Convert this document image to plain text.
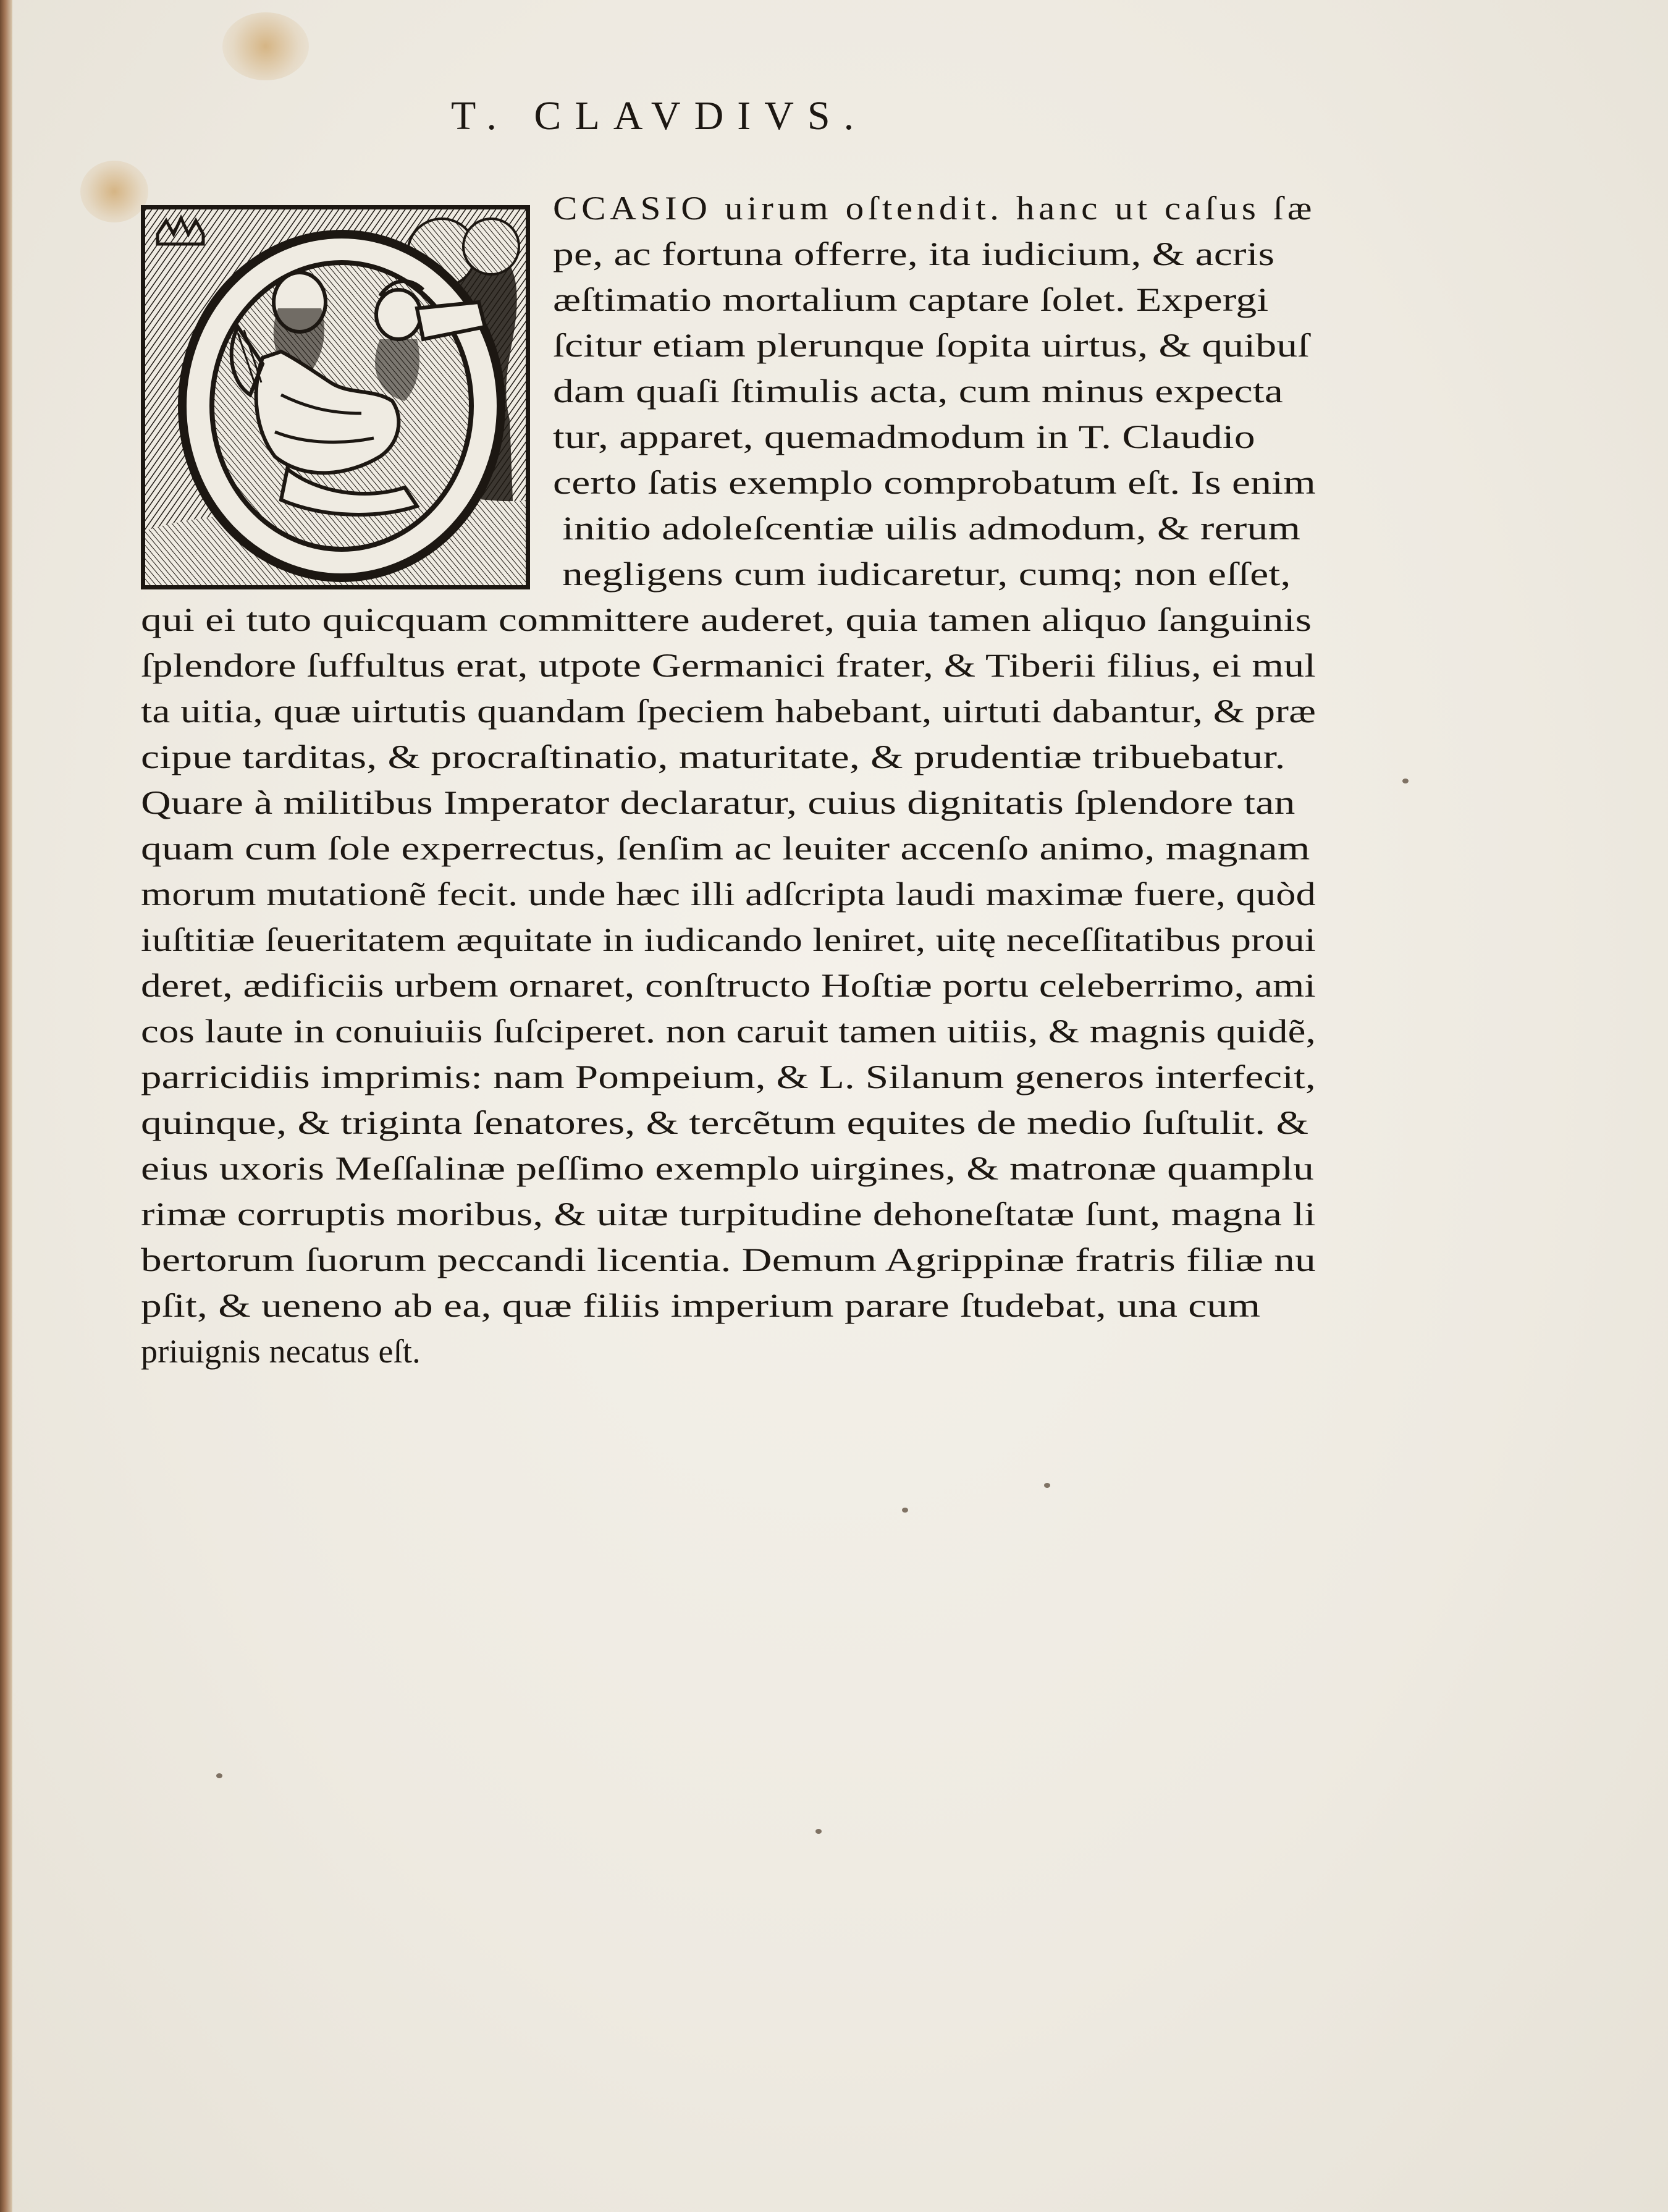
T. CLAVDIVS.
CCASIO uirum oſtendit. hanc ut caſus ſæ
pe, ac fortuna offerre, ita iudicium, & acris
æſtimatio mortalium captare ſolet. Expergi
ſcitur etiam plerunque ſopita uirtus, & quibuſ
dam quaſi ſtimulis acta, cum minus expecta
tur, apparet, quemadmodum in T. Claudio
certo ſatis exemplo comprobatum eſt. Is enim
initio adoleſcentiæ uilis admodum, & rerum
negligens cum iudicaretur, cumq; non eſſet,
qui ei tuto quicquam committere auderet, quia tamen aliquo ſanguinis
ſplendore ſuffultus erat, utpote Germanici frater, & Tiberii filius, ei mul
ta uitia, quæ uirtutis quandam ſpeciem habebant, uirtuti dabantur, & præ
cipue tarditas, & procraſtinatio, maturitate, & prudentiæ tribuebatur.
Quare à militibus Imperator declaratur, cuius dignitatis ſplendore tan
quam cum ſole experrectus, ſenſim ac leuiter accenſo animo, magnam
morum mutationẽ fecit. unde hæc illi adſcripta laudi maximæ fuere, quòd
iuſtitiæ ſeueritatem æquitate in iudicando leniret, uitę neceſſitatibus proui
deret, ædificiis urbem ornaret, conſtructo Hoſtiæ portu celeberrimo, ami
cos laute in conuiuiis ſuſciperet. non caruit tamen uitiis, & magnis quidẽ,
parricidiis imprimis: nam Pompeium, & L. Silanum generos interfecit,
quinque, & triginta ſenatores, & tercẽtum equites de medio ſuſtulit. &
eius uxoris Meſſalinæ peſſimo exemplo uirgines, & matronæ quamplu
rimæ corruptis moribus, & uitæ turpitudine dehoneſtatæ ſunt, magna li
bertorum ſuorum peccandi licentia. Demum Agrippinæ fratris filiæ nu
pſit, & ueneno ab ea, quæ filiis imperium parare ſtudebat, una cum
priuignis necatus eſt.
